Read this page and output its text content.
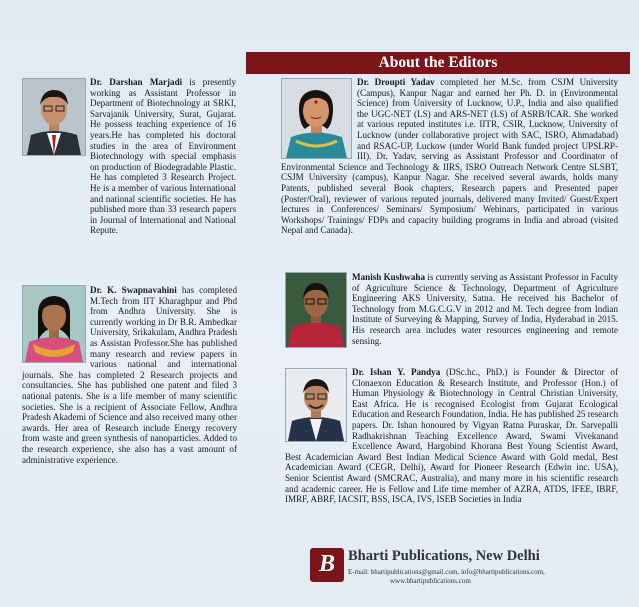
About the Editors

Dr. Darshan Marjadi is presently working as Assistant Professor in Department of Biotechnology at SRKI, Sarvajanik University, Surat, Gujarat. He possess teaching experience of 16 years.He has completed his doctoral studies in the area of Environment Biotechnology with special emphasis on production of Biodegradable Plastic. He has completed 3 Research Project. He is a member of various International and national scientific societies. He has published more than 33 research papers in Journal of International and National Repute.

Dr. K. Swapnavahini has completed M.Tech from IIT Kharaghpur and Phd from Andhra University. She is currently working in Dr B.R. Ambedkar University, Srikakulam, Andhra Pradesh as Assistan Professor.She has published many research and review papers in various national and international journals. She has completed 2 Research projects and consultancies. She has published one patent and filed 3 national patents. She is a life member of many scientific societies. She is a recipient of Associate Fellow, Andhra Pradesh Akademi of Science and also received many other awards. Her area of Research include Energy recovery from waste and green synthesis of nanoparticles. Added to the research experience, she also has a vast amount of administrative experience.

Dr. Droupti Yadav completed her M.Sc. from CSJM University (Campus), Kanpur Nagar and earned her Ph. D. in (Environmental Science) from University of Lucknow, U.P., India and also qualified the UGC-NET (LS) and ARS-NET (LS) of ASRB/ICAR. She worked at various reputed institutes i.e. IITR, CSIR, Lucknow, University of Lucknow (under collaborative project with SAC, ISRO, Ahmadabad) and RSAC-UP, Luckow (under World Bank funded project UPSLRP-III). Dr. Yadav, serving as Assistant Professor and Coordinator of Environmental Science and Technology & IIRS, ISRO Outreach Network Centre SLSBT, CSJM University (campus), Kanpur Nagar. She received several awards, holds many Patents, published several Book chapters, Research papers and Presented paper (Poster/Oral), reviewer of various reputed journals, delivered many Invited/ Guest/Expert lectures in Conferences/ Seminars/ Symposium/ Webinars, participated in various Workshops/ Trainings/ FDPs and capacity building programs in India and abroad (visited Nepal and Canada).

Manish Kushwaha is currently serving as Assistant Professor in Faculty of Agriculture Science & Technology, Department of Agriculture Engineering AKS University, Satna. He received his Bachelor of Technology from M.G.C.G.V in 2012 and M. Tech degree from Indian Institute of Surveying & Mapping, Survey of India, Hyderabad in 2015. His research area includes water resources engineering and remote sensing.

Dr. Ishan Y. Pandya (DSc.hc., PhD.) is Founder & Director of Clonaexon Education & Research Institute, and Professor (Hon.) of Human Physiology & Biotechnology in Central Christian University, East Africa. He is recognised Ecologist from Gujarat Ecological Education and Research Foundation, India. He has published 25 research papers. Dr. Ishan honoured by Vigyan Ratna Puraskar, Dr. Sarvepalli Radhakrishnan Teaching Excellence Award, Swami Vivekanand Excellence Award, Hargobind Khorana Best Young Scientist Award, Best Academician Award Best Indian Medical Science Award with Gold medal, Best Academician Award (CEGR, Delhi), Award for Pioneer Research (Edwin inc. USA), Senior Scientist Award (SMCRAC, Australia), and many more in his scientific research and academic career. He is Fellow and Life time member of AZRA, ATDS, IFEE, IBRF, IMRF, ABRF, IACSIT, BSS, ISCA, IVS, ISEB Societies in India

B Bharti Publications, New Delhi
E-mail: bhartipublications@gmail.com, info@bhartipublications.com,
www.bhartipublications.com
